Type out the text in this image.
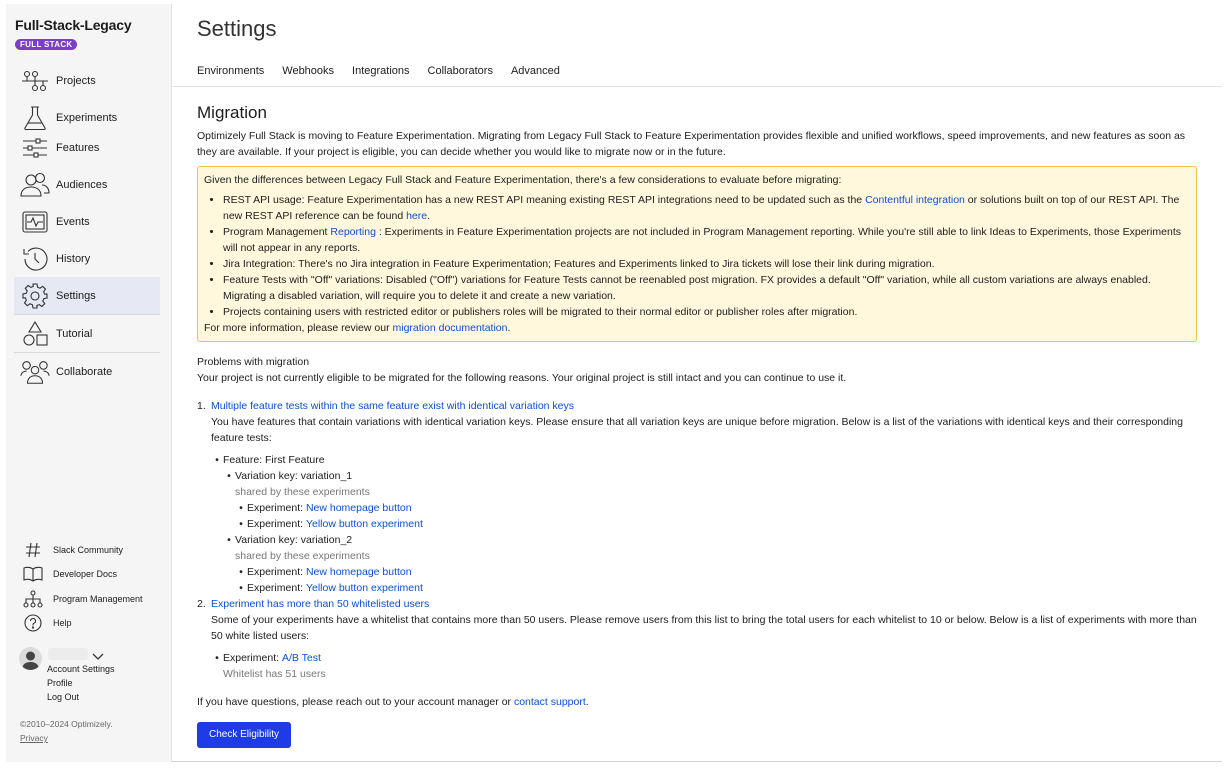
Full-Stack-Legacy
FULL STACK
Projects
Experiments
Features
Audiences
Events
History
Settings
Tutorial
Collaborate
Slack Community
Developer Docs
Program Management
Help
Account Settings
Profile
Log Out
©2010–2024 Optimizely.
Privacy
Settings
Environments Webhooks Integrations Collaborators Advanced
Migration

Optimizely Full Stack is moving to Feature Experimentation. Migrating from Legacy Full Stack to Feature Experimentation provides flexible and unified workflows, speed improvements, and new features as soon as they are available. If your project is eligible, you can decide whether you would like to migrate now or in the future.

Given the differences between Legacy Full Stack and Feature Experimentation, there's a few considerations to evaluate before migrating:

• REST API usage: Feature Experimentation has a new REST API meaning existing REST API integrations need to be updated such as the Contentful integration or solutions built on top of our REST API. The new REST API reference can be found here.
• Program Management Reporting : Experiments in Feature Experimentation projects are not included in Program Management reporting. While you're still able to link Ideas to Experiments, those Experiments will not appear in any reports.
• Jira Integration: There's no Jira integration in Feature Experimentation; Features and Experiments linked to Jira tickets will lose their link during migration.
• Feature Tests with "Off" variations: Disabled ("Off") variations for Feature Tests cannot be reenabled post migration. FX provides a default "Off" variation, while all custom variations are always enabled. Migrating a disabled variation, will require you to delete it and create a new variation.
• Projects containing users with restricted editor or publishers roles will be migrated to their normal editor or publisher roles after migration.

For more information, please review our migration documentation.

Problems with migration

Your project is not currently eligible to be migrated for the following reasons. Your original project is still intact and you can continue to use it.

1. Multiple feature tests within the same feature exist with identical variation keys

You have features that contain variations with identical variation keys. Please ensure that all variation keys are unique before migration. Below is a list of the variations with identical keys and their corresponding feature tests:

• Feature: First Feature
• Variation key: variation_1
shared by these experiments
• Experiment:
New homepage button
• Experiment:
Yellow button experiment
• Variation key: variation_2
shared by these experiments
• Experiment:
New homepage button
• Experiment:
Yellow button experiment
2. Experiment has more than 50 whitelisted users

Some of your experiments have a whitelist that contains more than 50 users. Please remove users from this list to bring the total users for each whitelist to 10 or below. Below is a list of experiments with more than 50 white listed users:

• Experiment:
A/B Test
Whitelist has 51 users

If you have questions, please reach out to your account manager or contact support.

Check Eligibility
